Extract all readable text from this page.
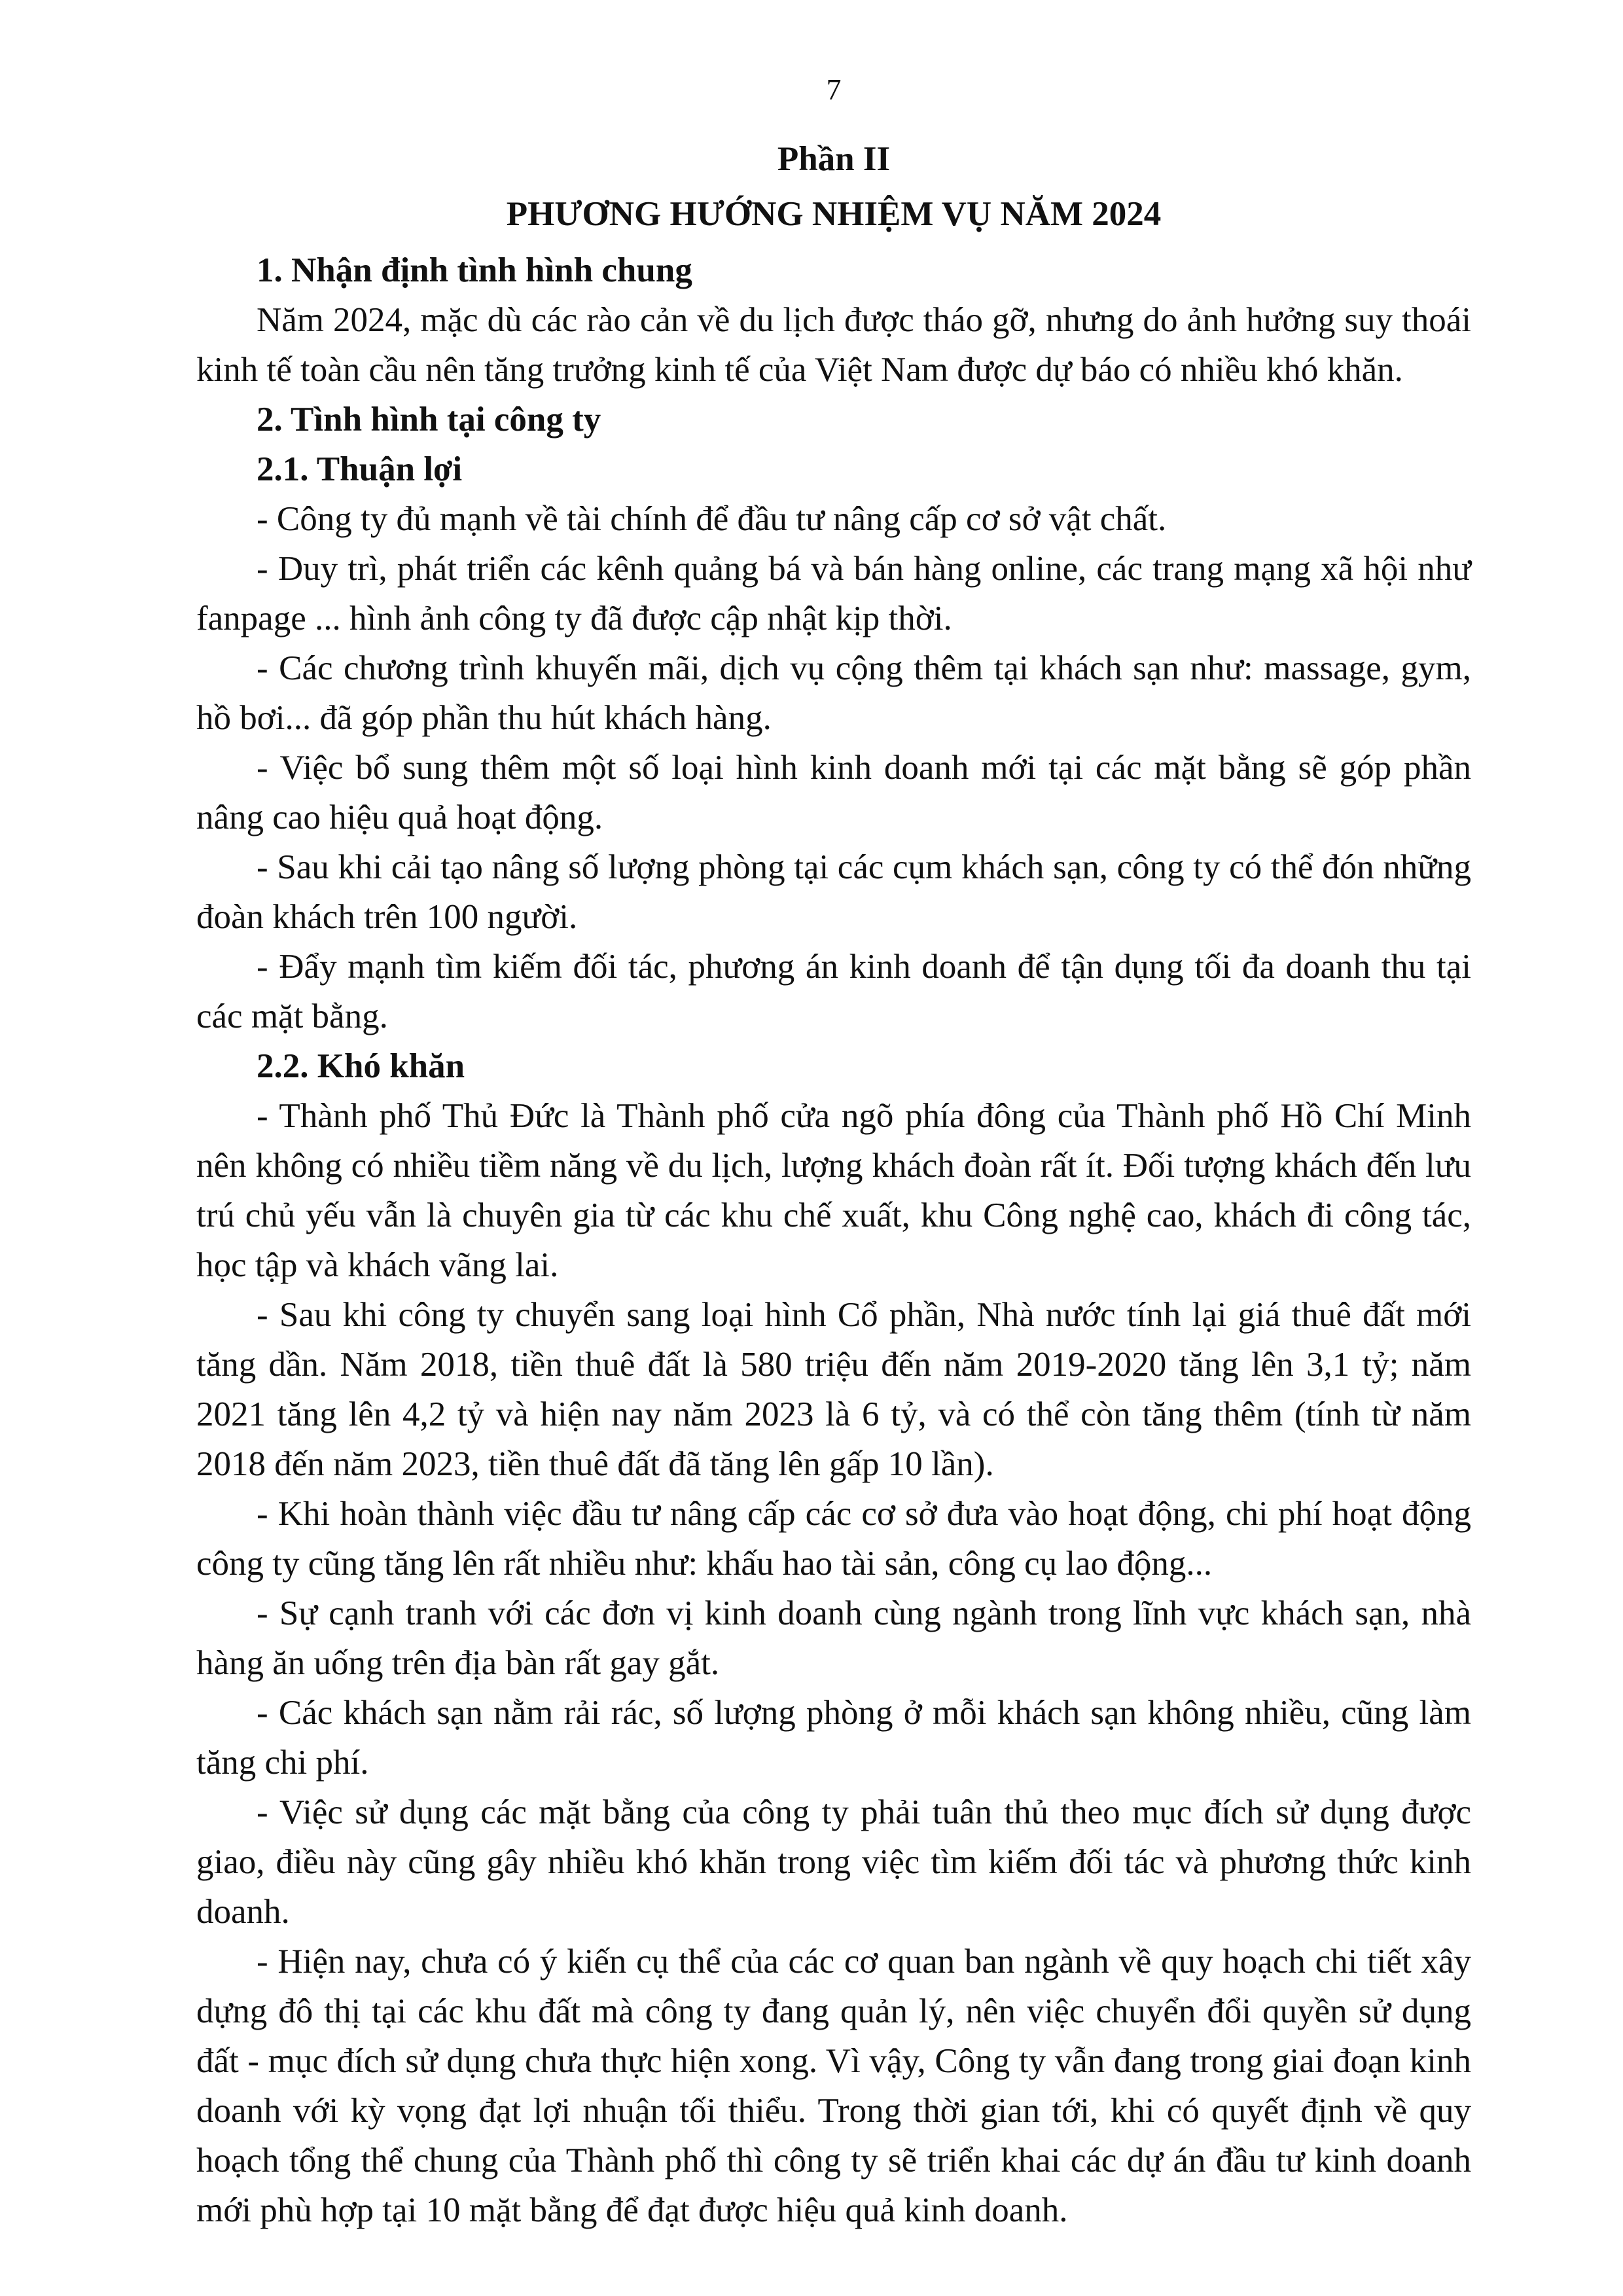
7
Phần II
PHƯƠNG HƯỚNG NHIỆM VỤ NĂM 2024
1. Nhận định tình hình chung

Năm 2024, mặc dù các rào cản về du lịch được tháo gỡ, nhưng do ảnh hưởng suy thoái kinh tế toàn cầu nên tăng trưởng kinh tế của Việt Nam được dự báo có nhiều khó khăn.

2. Tình hình tại công ty
2.1. Thuận lợi

- Công ty đủ mạnh về tài chính để đầu tư nâng cấp cơ sở vật chất.

- Duy trì, phát triển các kênh quảng bá và bán hàng online, các trang mạng xã hội như fanpage ... hình ảnh công ty đã được cập nhật kịp thời.

- Các chương trình khuyến mãi, dịch vụ cộng thêm tại khách sạn như: massage, gym, hồ bơi... đã góp phần thu hút khách hàng.

- Việc bổ sung thêm một số loại hình kinh doanh mới tại các mặt bằng sẽ góp phần nâng cao hiệu quả hoạt động.

- Sau khi cải tạo nâng số lượng phòng tại các cụm khách sạn, công ty có thể đón những đoàn khách trên 100 người.

- Đẩy mạnh tìm kiếm đối tác, phương án kinh doanh để tận dụng tối đa doanh thu tại các mặt bằng.

2.2. Khó khăn

- Thành phố Thủ Đức là Thành phố cửa ngõ phía đông của Thành phố Hồ Chí Minh nên không có nhiều tiềm năng về du lịch, lượng khách đoàn rất ít. Đối tượng khách đến lưu trú chủ yếu vẫn là chuyên gia từ các khu chế xuất, khu Công nghệ cao, khách đi công tác, học tập và khách vãng lai.

- Sau khi công ty chuyển sang loại hình Cổ phần, Nhà nước tính lại giá thuê đất mới tăng dần. Năm 2018, tiền thuê đất là 580 triệu đến năm 2019-2020 tăng lên 3,1 tỷ; năm 2021 tăng lên 4,2 tỷ và hiện nay năm 2023 là 6 tỷ, và có thể còn tăng thêm (tính từ năm 2018 đến năm 2023, tiền thuê đất đã tăng lên gấp 10 lần).

- Khi hoàn thành việc đầu tư nâng cấp các cơ sở đưa vào hoạt động, chi phí hoạt động công ty cũng tăng lên rất nhiều như: khấu hao tài sản, công cụ lao động...

- Sự cạnh tranh với các đơn vị kinh doanh cùng ngành trong lĩnh vực khách sạn, nhà hàng ăn uống trên địa bàn rất gay gắt.

- Các khách sạn nằm rải rác, số lượng phòng ở mỗi khách sạn không nhiều, cũng làm tăng chi phí.

- Việc sử dụng các mặt bằng của công ty phải tuân thủ theo mục đích sử dụng được giao, điều này cũng gây nhiều khó khăn trong việc tìm kiếm đối tác và phương thức kinh doanh.

- Hiện nay, chưa có ý kiến cụ thể của các cơ quan ban ngành về quy hoạch chi tiết xây dựng đô thị tại các khu đất mà công ty đang quản lý, nên việc chuyển đổi quyền sử dụng đất - mục đích sử dụng chưa thực hiện xong. Vì vậy, Công ty vẫn đang trong giai đoạn kinh doanh với kỳ vọng đạt lợi nhuận tối thiểu. Trong thời gian tới, khi có quyết định về quy hoạch tổng thể chung của Thành phố thì công ty sẽ triển khai các dự án đầu tư kinh doanh mới phù hợp tại 10 mặt bằng để đạt được hiệu quả kinh doanh.
